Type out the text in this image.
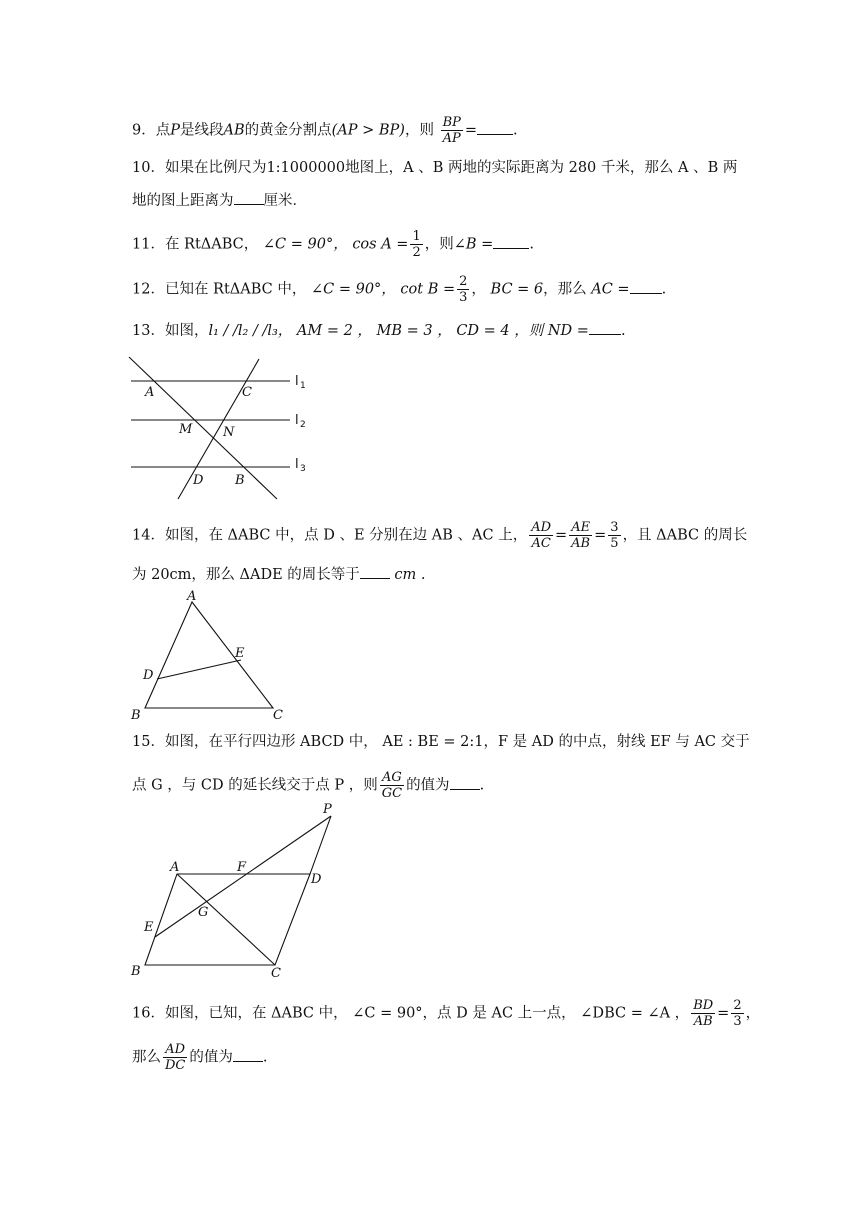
9．点P是线段AB的黄金分割点(AP > BP)，则 $\frac{BP}{AP}$ = .
10．如果在比例尺为1:1000000地图上，A 、B 两地的实际距离为 280 千米，那么 A 、B 两
地的图上距离为 厘米．
11．在 RtΔABC， ∠C = 90°， $\cos A = \frac{1}{2}$ ，则∠B = .
12．已知在 RtΔABC 中， ∠C = 90°， $\cot B = \frac{2}{3}$ ， BC = 6，那么 AC = .
13．如图，l₁ / /l₂ / /l₃， AM = 2 ， MB = 3 ， CD = 4 ，则 ND = .
A	C
M N
D B
l 1
l 2
l 3
14．如图，在 ΔABC 中，点 D 、E 分别在边 AB 、AC 上， $\frac{AD}{AC} = \frac{AE}{AB} = \frac{3}{5}$ ，且 ΔABC 的周长
为 20cm，那么 ΔADE 的周长等于 cm .
A
D
E
B	C
15．如图，在平行四边形 ABCD 中， AE : BE = 2:1，F 是 AD 的中点，射线 EF 与 AC 交于
点 G ，与 CD 的延长线交于点 P ，则 $\frac{AG}{GC}$ 的值为 .
P
A	F
D
G
E
B	C
16．如图，已知，在 ΔABC 中， ∠C = 90°，点 D 是 AC 上一点， ∠DBC = ∠A ， $\frac{BD}{AB} = \frac{2}{3}$ ，
那么 $\frac{AD}{DC}$ 的值为 .
